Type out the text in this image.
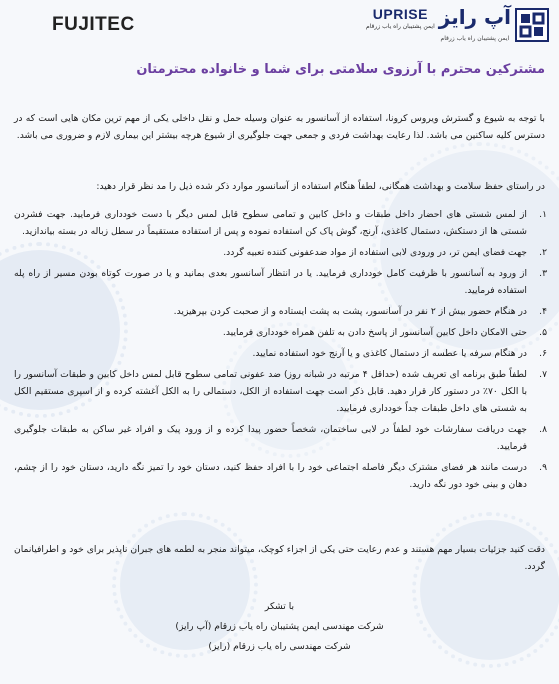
FUJITEC	UPRISE
ایمن پشتیبان راه یاب زرقام آپ رایز
ایمن پشتیبان راه یاب زرقام
مشترکین محترم با آرزوی سلامتی برای شما و خانواده محترمتان
با توجه به شیوع و گسترش ویروس کرونا، استفاده از آسانسور به عنوان وسیله حمل و نقل داخلی یکی از مهم ترین مکان هایی است که در دسترس کلیه ساکنین می باشد. لذا رعایت بهداشت فردی و جمعی جهت جلوگیری از شیوع هرچه بیشتر این بیماری لازم و ضروری می باشد.
در راستای حفظ سلامت و بهداشت همگانی، لطفاً هنگام استفاده از آسانسور موارد ذکر شده ذیل را مد نظر قرار دهید:
۱.
از لمس شستی های احضار داخل طبقات و داخل کابین و تمامی سطوح قابل لمس دیگر با دست خودداری فرمایید. جهت فشردن شستی ها از دستکش، دستمال کاغذی، آرنج، گوش پاک کن استفاده نموده و پس از استفاده مستقیماً در سطل زباله در بسته بیاندازید.
۲.
جهت فضای ایمن تر، در ورودی لابی استفاده از مواد ضدعفونی کننده تعبیه گردد.
۳.
از ورود به آسانسور با ظرفیت کامل خودداری فرمایید. یا در انتظار آسانسور بعدی بمانید و یا در صورت کوتاه بودن مسیر از راه پله استفاده فرمایید.
۴.
در هنگام حضور بیش از ۲ نفر در آسانسور، پشت به پشت ایستاده و از صحبت کردن بپرهیزید.
۵.
حتی الامکان داخل کابین آسانسور از پاسخ دادن به تلفن همراه خودداری فرمایید.
۶.
در هنگام سرفه یا عطسه از دستمال کاغذی و یا آرنج خود استفاده نمایید.
۷.
لطفاً طبق برنامه ای تعریف شده (حداقل ۴ مرتبه در شبانه روز) ضد عفونی تمامی سطوح قابل لمس داخل کابین و طبقات آسانسور را با الکل ۷۰٪ در دستور کار قرار دهید. قابل ذکر است جهت استفاده از الکل، دستمالی را به الکل آغشته کرده و از اسپری مستقیم الکل به شستی های داخل طبقات جداً خودداری فرمایید.
۸.
جهت دریافت سفارشات خود لطفاً در لابی ساختمان، شخصاً حضور پیدا کرده و از ورود پیک و افراد غیر ساکن به طبقات جلوگیری فرمایید.
۹.
درست مانند هر فضای مشترک دیگر فاصله اجتماعی خود را با افراد حفظ کنید، دستان خود را تمیز نگه دارید، دستان خود را از چشم، دهان و بینی خود دور نگه دارید.
دقت کنید جزئیات بسیار مهم هستند و عدم رعایت حتی یکی از اجزاء کوچک، میتواند منجر به لطمه های جبران ناپذیر برای خود و اطرافیانمان گردد.
با تشکر
شرکت مهندسی ایمن پشتیبان راه یاب زرقام (آپ رایز)
شرکت مهندسی راه یاب زرقام (رایز)
